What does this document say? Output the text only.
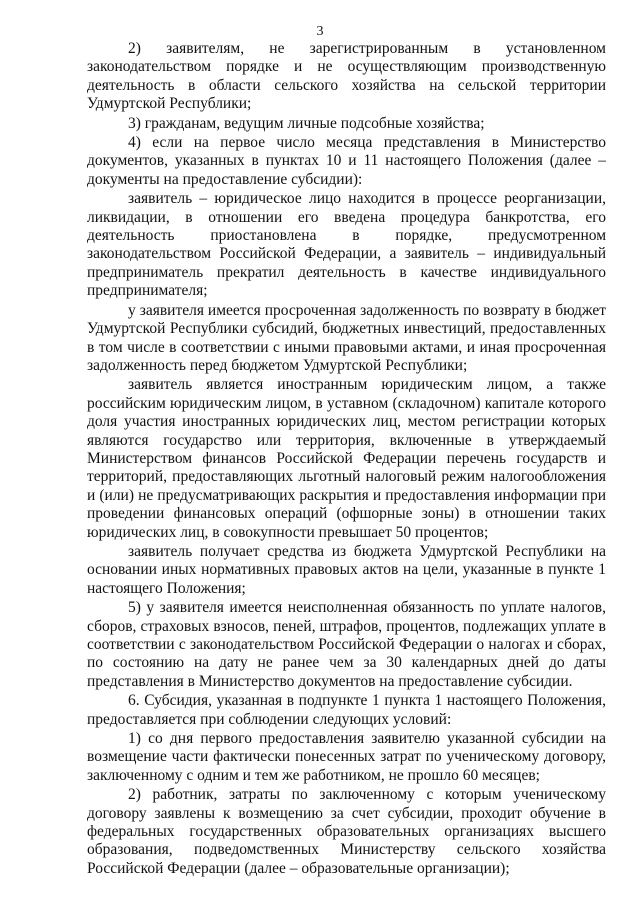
3

2) заявителям, не зарегистрированным в установленном законодательством порядке и не осуществляющим производственную деятельность в области сельского хозяйства на сельской территории Удмуртской Республики;

3) гражданам, ведущим личные подсобные хозяйства;

4) если на первое число месяца представления в Министерство документов, указанных в пунктах 10 и 11 настоящего Положения (далее – документы на предоставление субсидии):

заявитель – юридическое лицо находится в процессе реорганизации, ликвидации, в отношении его введена процедура банкротства, его деятельность приостановлена в порядке, предусмотренном законодательством Российской Федерации, а заявитель – индивидуальный предприниматель прекратил деятельность в качестве индивидуального предпринимателя;

у заявителя имеется просроченная задолженность по возврату в бюджет Удмуртской Республики субсидий, бюджетных инвестиций, предоставленных в том числе в соответствии с иными правовыми актами, и иная просроченная задолженность перед бюджетом Удмуртской Республики;

заявитель является иностранным юридическим лицом, а также российским юридическим лицом, в уставном (складочном) капитале которого доля участия иностранных юридических лиц, местом регистрации которых являются государство или территория, включенные в утверждаемый Министерством финансов Российской Федерации перечень государств и территорий, предоставляющих льготный налоговый режим налогообложения и (или) не предусматривающих раскрытия и предоставления информации при проведении финансовых операций (офшорные зоны) в отношении таких юридических лиц, в совокупности превышает 50 процентов;

заявитель получает средства из бюджета Удмуртской Республики на основании иных нормативных правовых актов на цели, указанные в пункте 1 настоящего Положения;

5) у заявителя имеется неисполненная обязанность по уплате налогов, сборов, страховых взносов, пеней, штрафов, процентов, подлежащих уплате в соответствии с законодательством Российской Федерации о налогах и сборах, по состоянию на дату не ранее чем за 30 календарных дней до даты представления в Министерство документов на предоставление субсидии.

6. Субсидия, указанная в подпункте 1 пункта 1 настоящего Положения, предоставляется при соблюдении следующих условий:

1) со дня первого предоставления заявителю указанной субсидии на возмещение части фактически понесенных затрат по ученическому договору, заключенному с одним и тем же работником, не прошло 60 месяцев;

2) работник, затраты по заключенному с которым ученическому договору заявлены к возмещению за счет субсидии, проходит обучение в федеральных государственных образовательных организациях высшего образования, подведомственных Министерству сельского хозяйства Российской Федерации (далее – образовательные организации);
